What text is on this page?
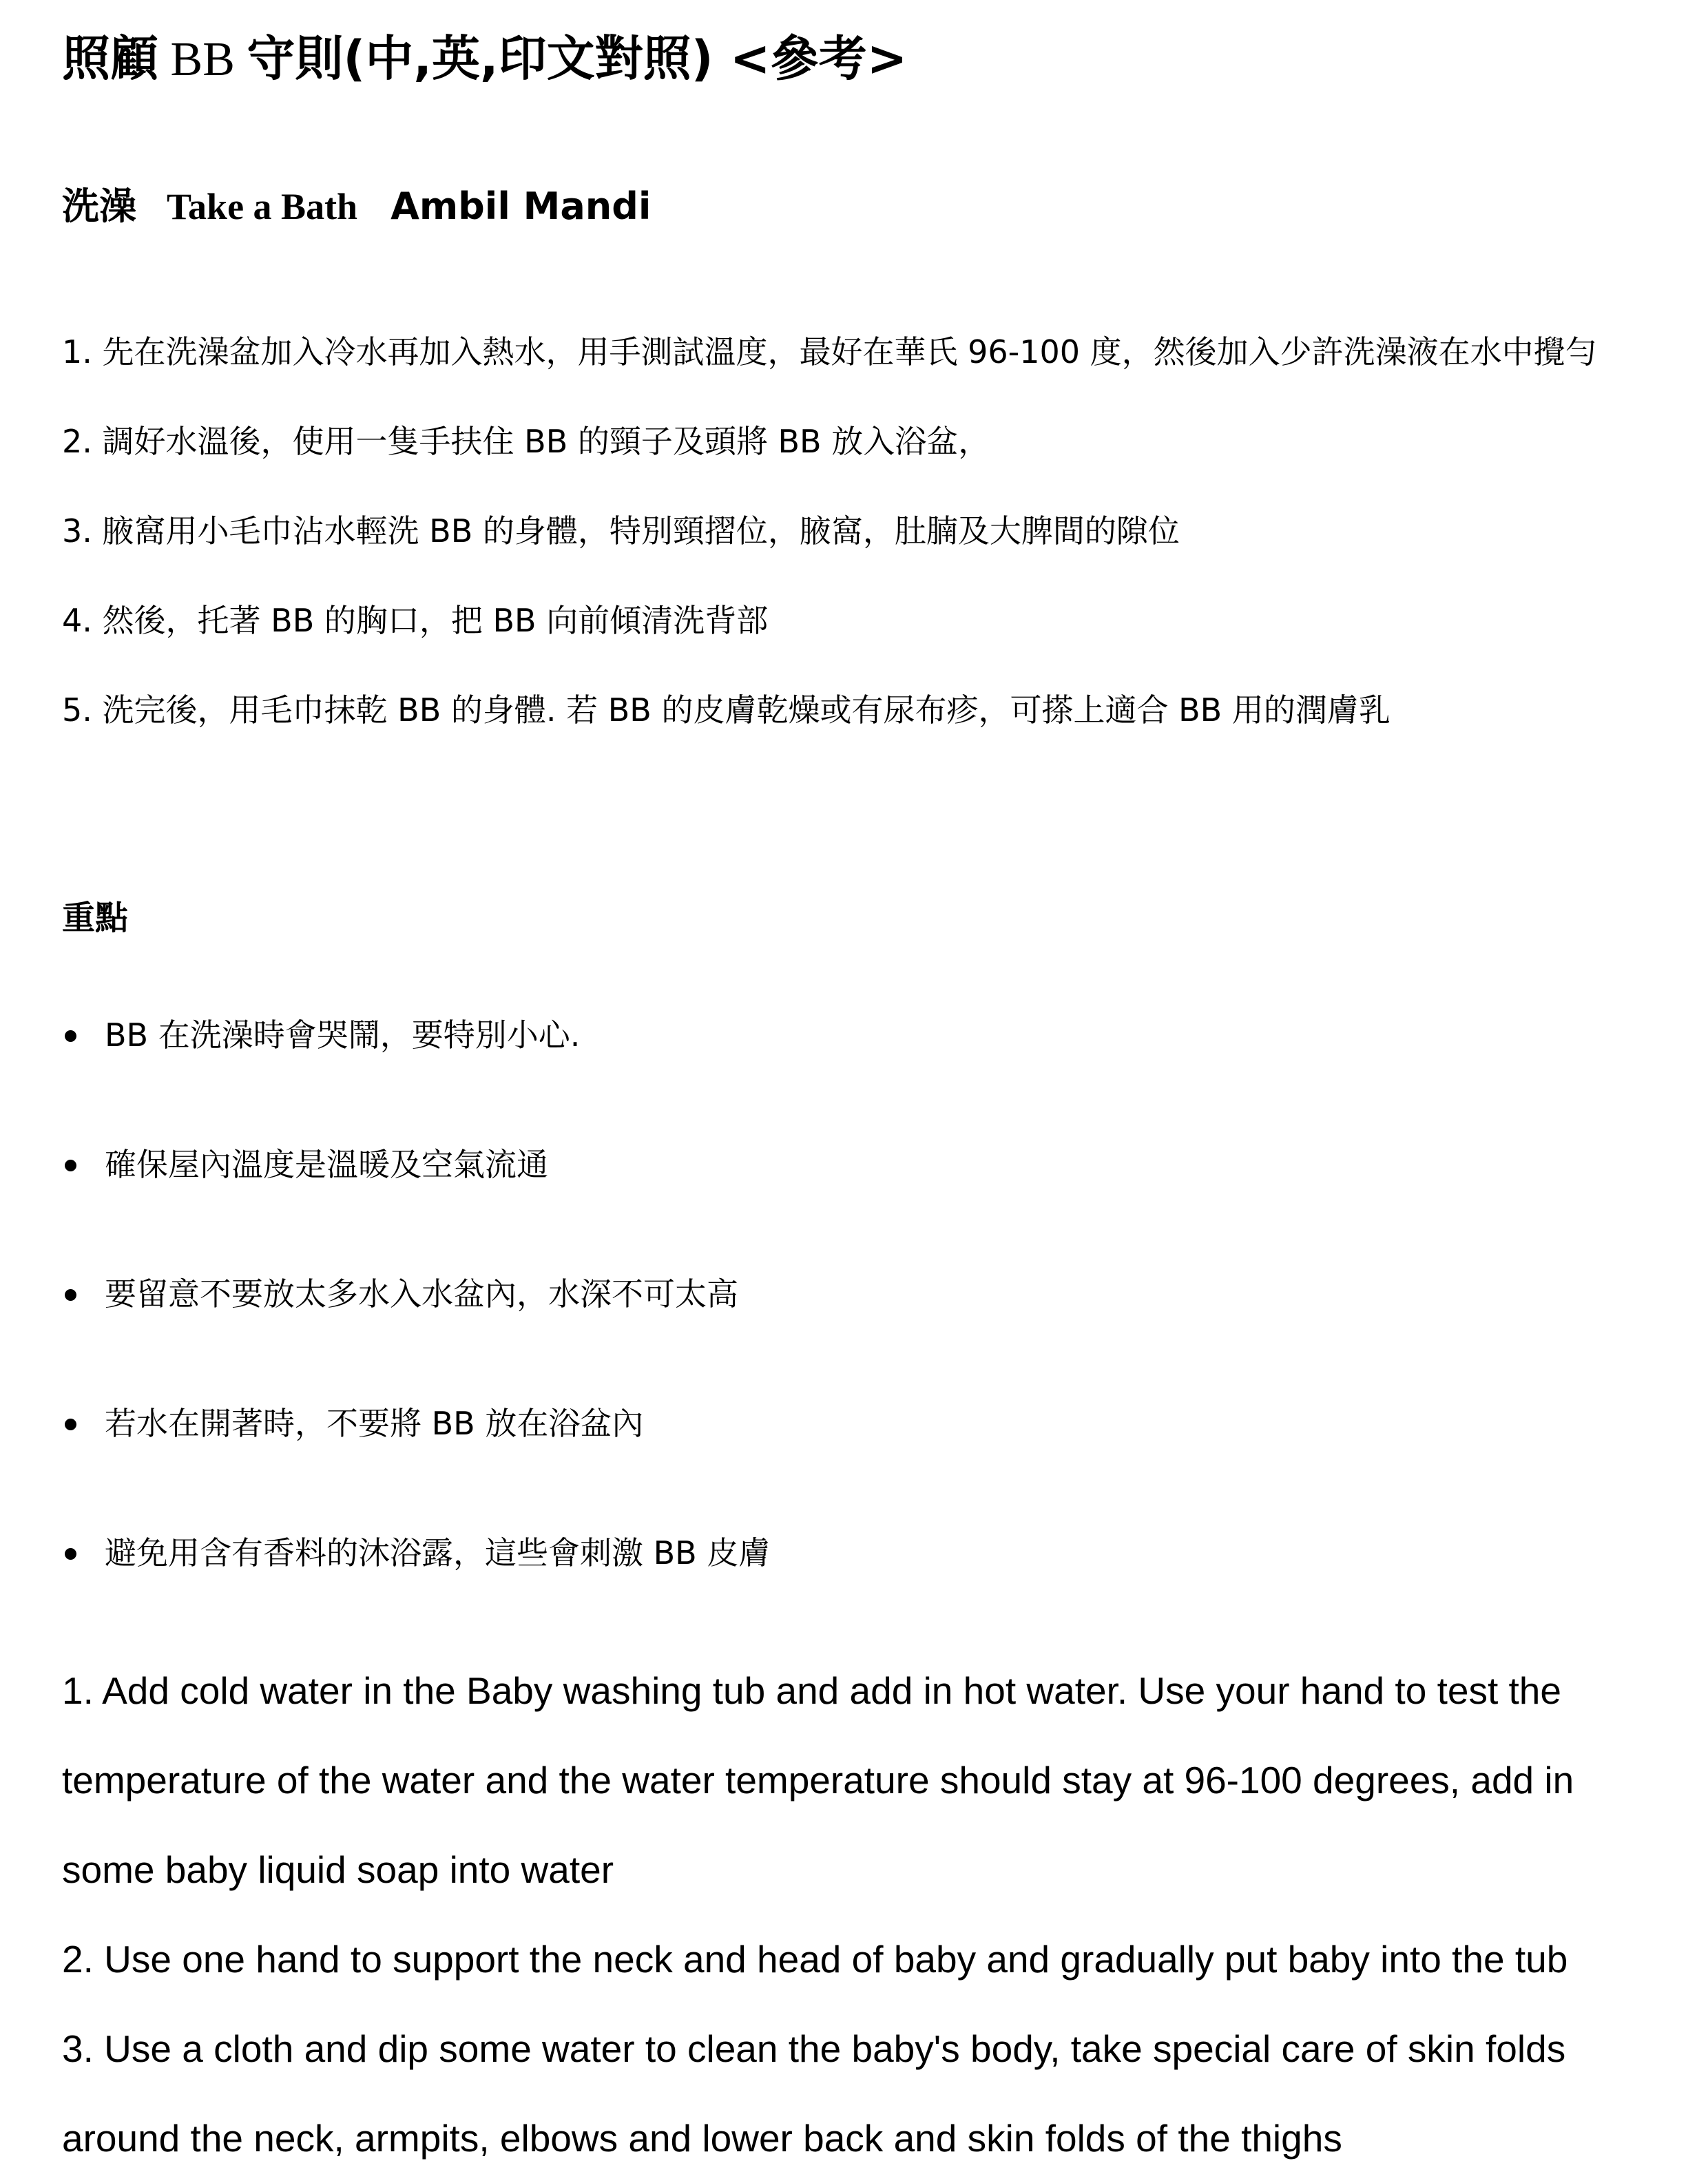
照顧 BB 守則(中,英,印文對照) <參考>
洗澡 Take a Bath Ambil Mandi

1. 先在洗澡盆加入冷水再加入熱水，用手測試溫度，最好在華氏 96-100 度，然後加入少許洗澡液在水中攪勻

2. 調好水溫後，使用一隻手扶住 BB 的頸子及頭將 BB 放入浴盆，

3. 腋窩用小毛巾沾水輕洗 BB 的身體，特別頸摺位，腋窩，肚腩及大脾間的隙位

4. 然後，托著 BB 的胸口，把 BB 向前傾清洗背部

5. 洗完後，用毛巾抹乾 BB 的身體. 若 BB 的皮膚乾燥或有尿布疹，可搽上適合 BB 用的潤膚乳

重點
BB 在洗澡時會哭鬧，要特別小心.
確保屋內溫度是溫暖及空氣流通
要留意不要放太多水入水盆內，水深不可太高
若水在開著時，不要將 BB 放在浴盆內
避免用含有香料的沐浴露，這些會刺激 BB 皮膚

1. Add cold water in the Baby washing tub and add in hot water. Use your hand to test the temperature of the water and the water temperature should stay at 96-100 degrees, add in some baby liquid soap into water

2. Use one hand to support the neck and head of baby and gradually put baby into the tub

3. Use a cloth and dip some water to clean the baby's body, take special care of skin folds around the neck, armpits, elbows and lower back and skin folds of the thighs
